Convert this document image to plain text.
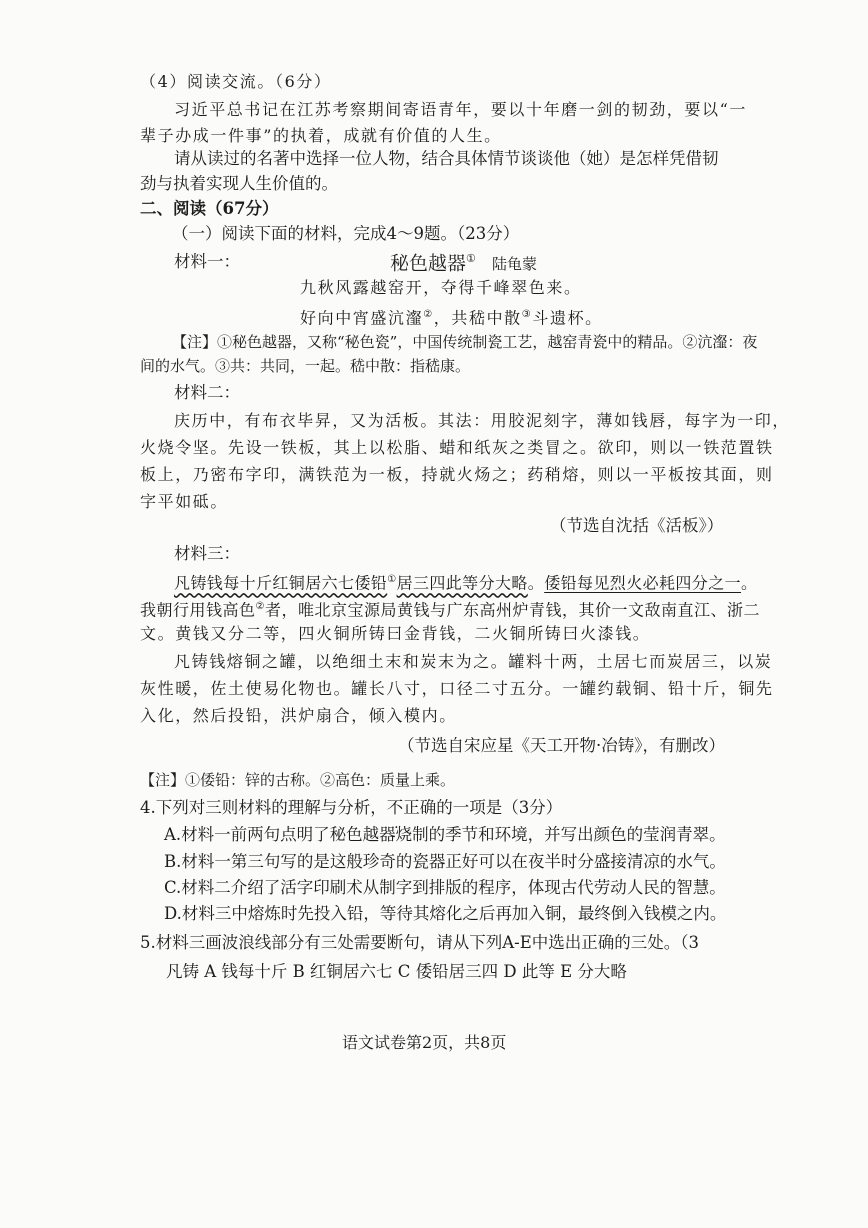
（4）阅读交流。（6分）
习近平总书记在江苏考察期间寄语青年，要以十年磨一剑的韧劲，要以“一
辈子办成一件事”的执着，成就有价值的人生。
请从读过的名著中选择一位人物，结合具体情节谈谈他（她）是怎样凭借韧
劲与执着实现人生价值的。
二、阅读（67分）
（一）阅读下面的材料，完成4～9题。（23分）
材料一：	秘色越器① 陆龟蒙
九秋风露越窑开，夺得千峰翠色来。
好向中宵盛沆瀣②，共嵇中散③斗遗杯。
【注】①秘色越器，又称“秘色瓷”，中国传统制瓷工艺，越窑青瓷中的精品。②沆瀣：夜
间的水气。③共：共同，一起。嵇中散：指嵇康。
材料二：
庆历中，有布衣毕昇，又为活板。其法：用胶泥刻字，薄如钱唇，每字为一印，
火烧令坚。先设一铁板，其上以松脂、蜡和纸灰之类冒之。欲印，则以一铁范置铁
板上，乃密布字印，满铁范为一板，持就火炀之；药稍熔，则以一平板按其面，则
字平如砥。
（节选自沈括《活板》）
材料三：
凡铸钱每十斤红铜居六七倭铅①居三四此等分大略。倭铅每见烈火必耗四分之一。
我朝行用钱高色②者，唯北京宝源局黄钱与广东高州炉青钱，其价一文敌南直江、浙二
文。黄钱又分二等，四火铜所铸曰金背钱，二火铜所铸曰火漆钱。
凡铸钱熔铜之罐，以绝细土末和炭末为之。罐料十两，土居七而炭居三，以炭
灰性暖，佐土使易化物也。罐长八寸，口径二寸五分。一罐约载铜、铅十斤，铜先
入化，然后投铅，洪炉扇合，倾入模内。
（节选自宋应星《天工开物·冶铸》，有删改）
【注】①倭铅：锌的古称。②高色：质量上乘。
4.下列对三则材料的理解与分析，不正确的一项是（3分）
A.材料一前两句点明了秘色越器烧制的季节和环境，并写出颜色的莹润青翠。
B.材料一第三句写的是这般珍奇的瓷器正好可以在夜半时分盛接清凉的水气。
C.材料二介绍了活字印刷术从制字到排版的程序，体现古代劳动人民的智慧。
D.材料三中熔炼时先投入铅，等待其熔化之后再加入铜，最终倒入钱模之内。
5.材料三画波浪线部分有三处需要断句，请从下列A-E中选出正确的三处。（3
凡铸 A 钱每十斤 B 红铜居六七 C 倭铅居三四 D 此等 E 分大略
语文试卷第2页，共8页
